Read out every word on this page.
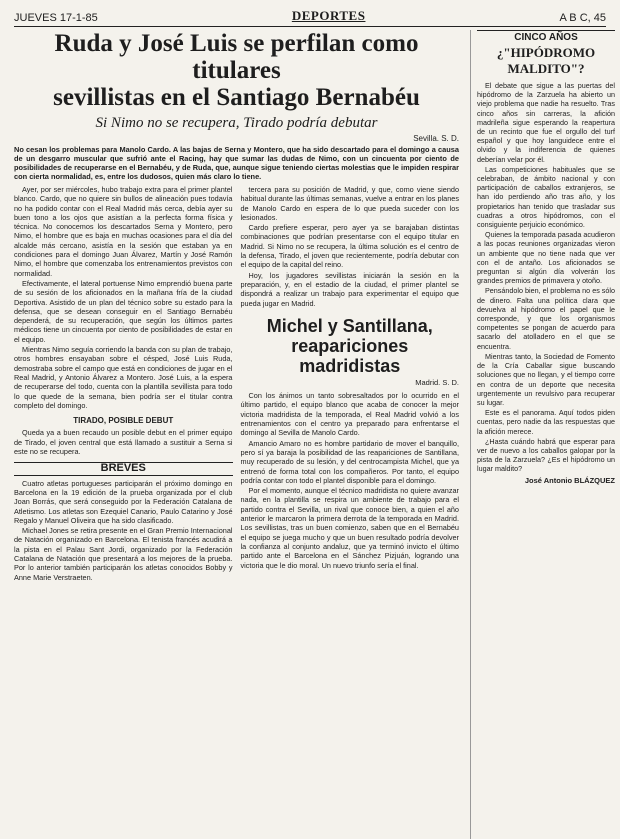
JUEVES 17-1-85	DEPORTES	A B C, 45
Ruda y José Luis se perfilan como titulares
sevillistas en el Santiago Bernabéu
Si Nimo no se recupera, Tirado podría debutar
Sevilla. S. D.
No cesan los problemas para Manolo Cardo. A las bajas de Serna y Montero, que ha sido descartado para el domingo a causa de un desgarro muscular que sufrió ante el Racing, hay que sumar las dudas de Nimo, con un cincuenta por ciento de posibilidades de recuperarse en el Bernabéu, y de Ruda, que, aunque sigue teniendo ciertas molestias que le impiden respirar con cierta normalidad, es, entre los dudosos, quien más claro lo tiene.

Ayer, por ser miércoles, hubo trabajo extra para el primer plantel blanco. Cardo, que no quiere sin bullos de alineación pues todavía no ha podido contar con el Real Madrid más cerca, debía ayer su buen tono a los ojos que asistían a la perfecta forma física y técnica. No conocemos los descartados Serna y Montero, pero Nimo, el hombre que es baja en muchas ocasiones para el día del alcalde más cercano, asistía en la sesión que estaban ya en condiciones para el domingo Juan Álvarez, Martín y José Ramón Nimo, el hombre que comenzaba los entrenamientos previstos con normalidad.

Efectivamente, el lateral portuense Nimo emprendió buena parte de su sesión de los aficionados en la mañana fría de la ciudad Deportiva. Asistido de un plan del técnico sobre su estado para la defensa, que se desean conseguir en el Santiago Bernabéu dependerá, de su recuperación, que según los últimos partes médicos tiene un cincuenta por ciento de posibilidades de estar en el equipo.

Mientras Nimo seguía corriendo la banda con su plan de trabajo, otros hombres ensayaban sobre el césped, José Luis Ruda, demostraba sobre el campo que está en condiciones de jugar en el Real Madrid, y Antonio Álvarez a Montero. José Luis, a la espera de recuperarse del todo, cuenta con la plantilla sevillista para todo lo que quede de la semana, bien podría ser el titular contra completo del domingo.

TIRADO, POSIBLE DEBUT

Queda ya a buen recaudo un posible debut en el primer equipo de Tirado, el joven central que está llamado a sustituir a Serna si este no se recupera.

BREVES

Cuatro atletas portugueses participarán el próximo domingo en Barcelona en la 19 edición de la prueba organizada por el club Joan Borrás, que será conseguido por la Federación Catalana de Atletismo. Los atletas son Ezequiel Canario, Paulo Catarino y José Regalo y Manuel Oliveira que ha sido clasificado.

Michael Jones se retira presente en el Gran Premio Internacional de Natación organizado en Barcelona. El tenista francés acudirá a la pista en el Palau Sant Jordi, organizado por la Federación Catalana de Natación que presentará a los mejores de la prueba. Por lo anterior también participarán los atletas conocidos Bobby y Anne Marie Verstraeten.

tercera para su posición de Madrid, y que, como viene siendo habitual durante las últimas semanas, vuelve a entrar en los planes de Manolo Cardo en espera de lo que pueda suceder con los lesionados.

Cardo prefiere esperar, pero ayer ya se barajaban distintas combinaciones que podrían presentarse con el equipo titular en Madrid. Si Nimo no se recupera, la última solución es el centro de la defensa, Tirado, el joven que recientemente, podría debutar con el equipo de la capital del reino.

Hoy, los jugadores sevillistas iniciarán la sesión en la preparación, y, en el estadio de la ciudad, el primer plantel se dispondrá a realizar un trabajo para experimentar el equipo que pueda jugar en Madrid.

Michel y Santillana,
reapariciones madridistas
Madrid. S. D.

Con los ánimos un tanto sobresaltados por lo ocurrido en el último partido, el equipo blanco que acaba de conocer la mejor victoria madridista de la temporada, el Real Madrid volvió a los entrenamientos con el centro ya preparado para enfrentarse el domingo al Sevilla de Manolo Cardo.

Amancio Amaro no es hombre partidario de mover el banquillo, pero sí ya baraja la posibilidad de las reapariciones de Santillana, muy recuperado de su lesión, y del centrocampista Michel, que ya entrenó de forma total con los compañeros. Por tanto, el equipo podría contar con todo el plantel disponible para el domingo.

Por el momento, aunque el técnico madridista no quiere avanzar nada, en la plantilla se respira un ambiente de trabajo para el partido contra el Sevilla, un rival que conoce bien, a quien el año anterior le marcaron la primera derrota de la temporada en Madrid. Los sevillistas, tras un buen comienzo, saben que en el Bernabéu el equipo se juega mucho y que un buen resultado podría devolver la confianza al conjunto andaluz, que ya terminó invicto el último partido ante el Barcelona en el Sánchez Pizjuán, logrando una victoria que le dio moral. Un nuevo triunfo sería el final.

CINCO AÑOS
¿"HIPÓDROMO MALDITO"?

El debate que sigue a las puertas del hipódromo de la Zarzuela ha abierto un viejo problema que nadie ha resuelto. Tras cinco años sin carreras, la afición madrileña sigue esperando la reapertura de un recinto que fue el orgullo del turf español y que hoy languidece entre el olvido y la indiferencia de quienes deberían velar por él.

Las competiciones habituales que se celebraban, de ámbito nacional y con participación de caballos extranjeros, se han ido perdiendo año tras año, y los propietarios han tenido que trasladar sus cuadras a otros hipódromos, con el consiguiente perjuicio económico.

Quienes la temporada pasada acudieron a las pocas reuniones organizadas vieron un ambiente que no tiene nada que ver con el de antaño. Los aficionados se preguntan si algún día volverán los grandes premios de primavera y otoño.

Pensándolo bien, el problema no es sólo de dinero. Falta una política clara que devuelva al hipódromo el papel que le corresponde, y que los organismos competentes se pongan de acuerdo para sacarlo del atolladero en el que se encuentra.

Mientras tanto, la Sociedad de Fomento de la Cría Caballar sigue buscando soluciones que no llegan, y el tiempo corre en contra de un deporte que necesita urgentemente un revulsivo para recuperar su lugar.

Este es el panorama. Aquí todos piden cuentas, pero nadie da las respuestas que la afición merece.

¿Hasta cuándo habrá que esperar para ver de nuevo a los caballos galopar por la pista de la Zarzuela? ¿Es el hipódromo un lugar maldito?

José Antonio BLÁZQUEZ
